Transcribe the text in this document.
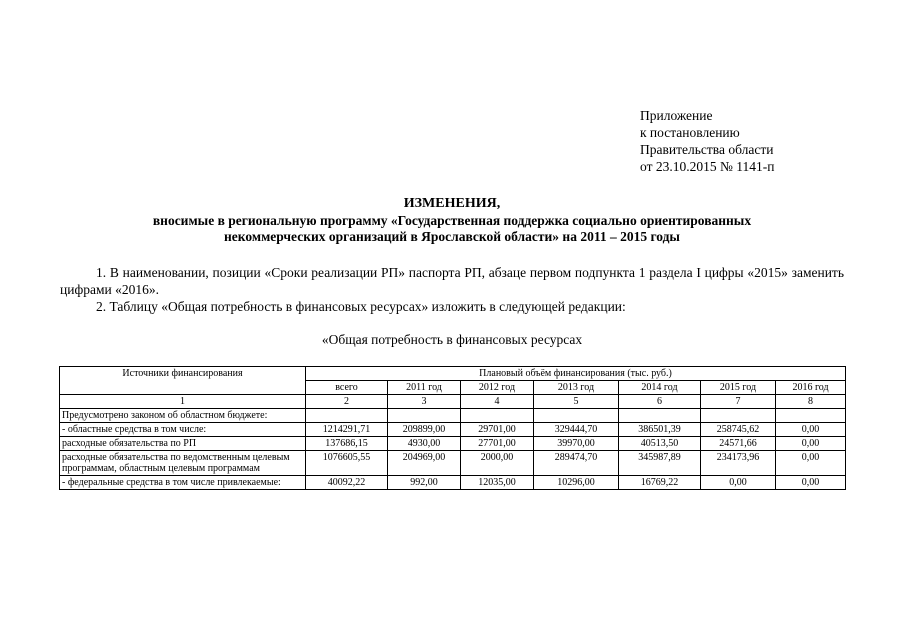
Приложение
к постановлению
Правительства области
от 23.10.2015 № 1141-п
ИЗМЕНЕНИЯ,
вносимые в региональную программу «Государственная поддержка социально ориентированных
некоммерческих организаций в Ярославской области» на 2011 – 2015 годы

1. В наименовании, позиции «Сроки реализации РП» паспорта РП, абзаце первом подпункта 1 раздела I цифры «2015» заменить цифрами «2016».

2. Таблицу «Общая потребность в финансовых ресурсах» изложить в следующей редакции:

«Общая потребность в финансовых ресурсах
Источники финансирования	Плановый объём финансирования (тыс. руб.)						
	всего	2011 год	2012 год	2013 год	2014 год	2015 год	2016 год
1	2	3	4	5	6	7	8
Предусмотрено законом об областном бюджете:							
- областные средства в том числе:	1214291,71	209899,00	29701,00	329444,70	386501,39	258745,62	0,00
расходные обязательства по РП	137686,15	4930,00	27701,00	39970,00	40513,50	24571,66	0,00
расходные обязательства по ведомственным целевым программам, областным целевым программам	1076605,55	204969,00	2000,00	289474,70	345987,89	234173,96	0,00
- федеральные средства в том числе привлекаемые:	40092,22	992,00	12035,00	10296,00	16769,22	0,00	0,00
